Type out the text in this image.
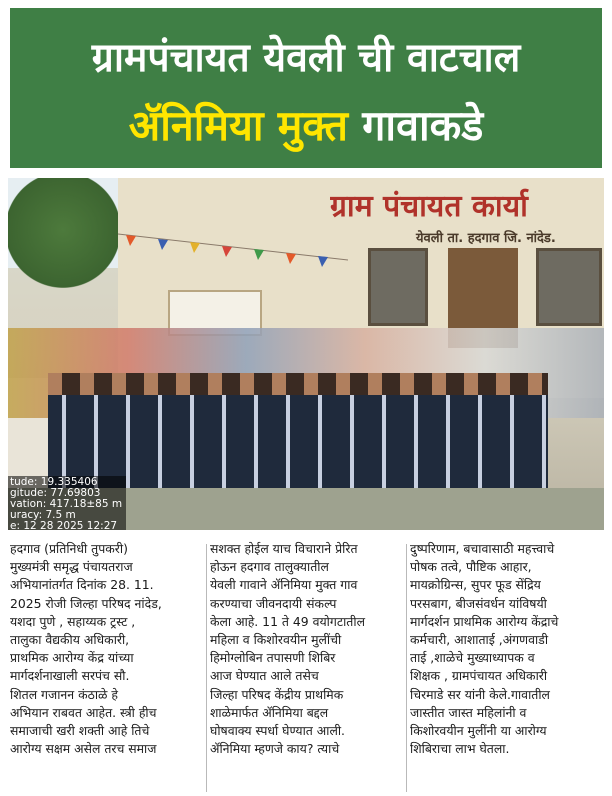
ग्रामपंचायत येवली ची वाटचाल
ॲनिमिया मुक्त गावाकडे
ग्राम पंचायत कार्या
येवली ता. हदगाव जि. नांदेड.
tude: 19.335406
gitude: 77.69803
vation: 417.18±85 m
uracy: 7.5 m
e: 12 28 2025 12:27
हदगाव (प्रतिनिधी तुपकरी)
मुख्यमंत्री समृद्ध पंचायतराज
अभियानांतर्गत दिनांक 28. 11.
2025 रोजी जिल्हा परिषद नांदेड,
यशदा पुणे , सहाय्यक ट्रस्ट ,
तालुका वैद्यकीय अधिकारी,
प्राथमिक आरोग्य केंद्र यांच्या
मार्गदर्शनाखाली सरपंच सौ.
शितल गजानन कंठाळे हे
अभियान राबवत आहेत. स्त्री हीच
समाजाची खरी शक्ती आहे तिचे
आरोग्य सक्षम असेल तरच समाज
सशक्त होईल याच विचाराने प्रेरित
होऊन हदगाव तालुक्यातील
येवली गावाने ॲनिमिया मुक्त गाव
करण्याचा जीवनदायी संकल्प
केला आहे. 11 ते 49 वयोगटातील
महिला व किशोरवयीन मुलींची
हिमोग्लोबिन तपासणी शिबिर
आज घेण्यात आले तसेच
जिल्हा परिषद केंद्रीय प्राथमिक
शाळेमार्फत ॲनिमिया बद्दल
घोषवाक्य स्पर्धा घेण्यात आली.
ॲनिमिया म्हणजे काय? त्याचे
दुष्परिणाम, बचावासाठी महत्त्वाचे
पोषक तत्वे, पौष्टिक आहार,
मायक्रोग्रिन्स, सुपर फूड सेंद्रिय
परसबाग, बीजसंवर्धन यांविषयी
मार्गदर्शन प्राथमिक आरोग्य केंद्राचे
कर्मचारी, आशाताई ,अंगणवाडी
ताई ,शाळेचे मुख्याध्यापक व
शिक्षक , ग्रामपंचायत अधिकारी
चिरमाडे सर यांनी केले.गावातील
जास्तीत जास्त महिलांनी व
किशोरवयीन मुलींनी या आरोग्य
शिबिराचा लाभ घेतला.
